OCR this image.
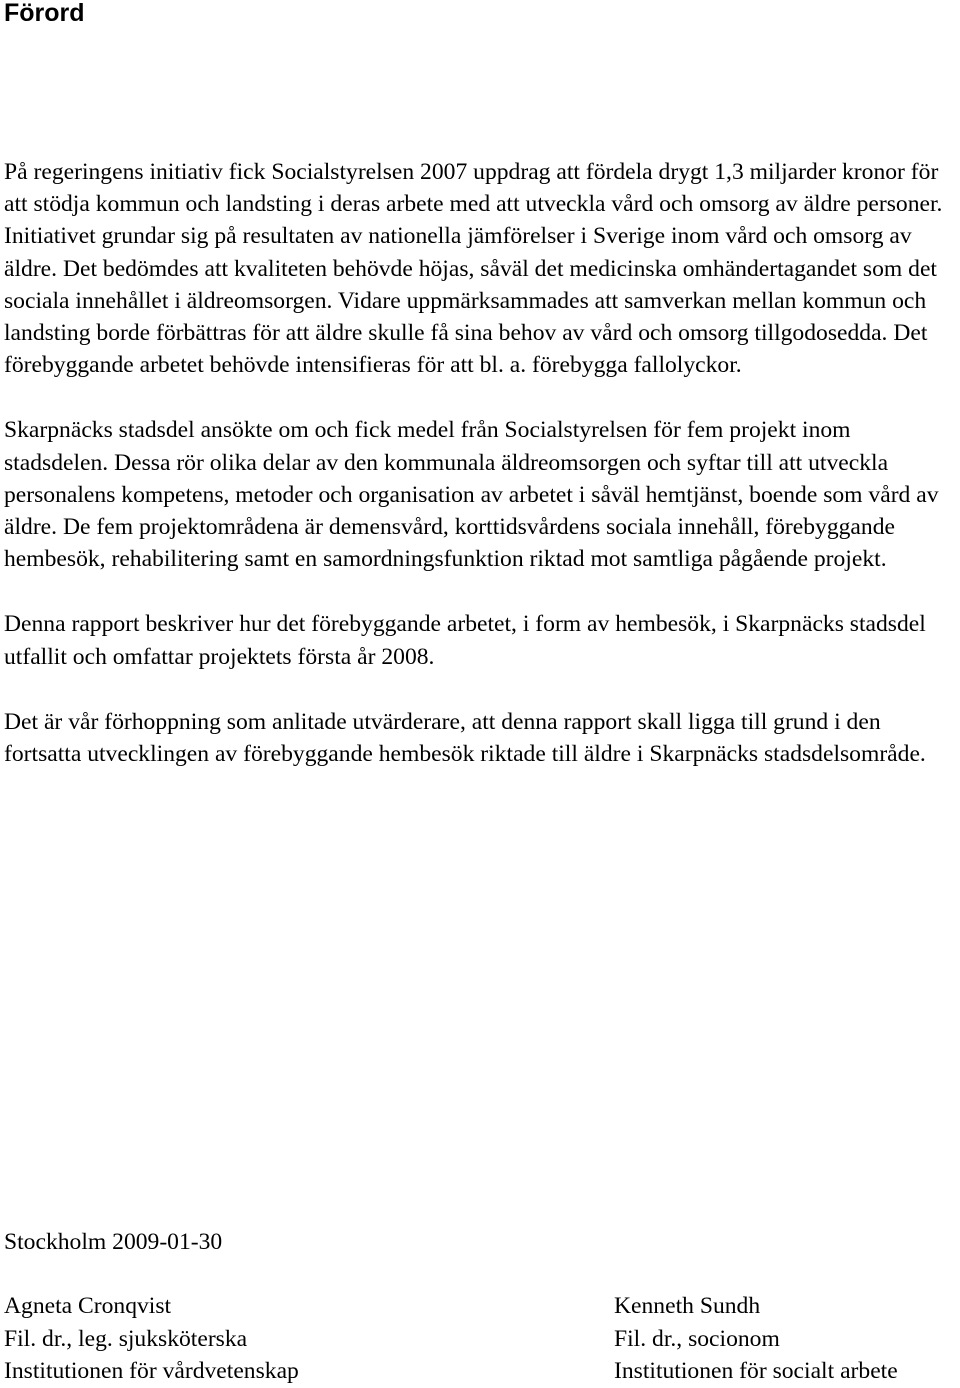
Förord

På regeringens initiativ fick Socialstyrelsen 2007 uppdrag att fördela drygt 1,3 miljarder kronor för att stödja kommun och landsting i deras arbete med att utveckla vård och omsorg av äldre personer. Initiativet grundar sig på resultaten av nationella jämförelser i Sverige inom vård och omsorg av äldre. Det bedömdes att kvaliteten behövde höjas, såväl det medicinska omhändertagandet som det sociala innehållet i äldreomsorgen. Vidare uppmärksammades att samverkan mellan kommun och landsting borde förbättras för att äldre skulle få sina behov av vård och omsorg tillgodosedda. Det förebyggande arbetet behövde intensifieras för att bl. a. förebygga fallolyckor.

Skarpnäcks stadsdel ansökte om och fick medel från Socialstyrelsen för fem projekt inom stadsdelen. Dessa rör olika delar av den kommunala äldreomsorgen och syftar till att utveckla personalens kompetens, metoder och organisation av arbetet i såväl hemtjänst, boende som vård av äldre. De fem projektområdena är demensvård, korttidsvårdens sociala innehåll, förebyggande hembesök, rehabilitering samt en samordningsfunktion riktad mot samtliga pågående projekt.

Denna rapport beskriver hur det förebyggande arbetet, i form av hembesök, i Skarpnäcks stadsdel utfallit och omfattar projektets första år 2008.

Det är vår förhoppning som anlitade utvärderare, att denna rapport skall ligga till grund i den fortsatta utvecklingen av förebyggande hembesök riktade till äldre i Skarpnäcks stadsdelsområde.

Stockholm 2009-01-30

Agneta Cronqvist
Fil. dr., leg. sjuksköterska
Institutionen för vårdvetenskap
Kenneth Sundh
Fil. dr., socionom
Institutionen för socialt arbete
